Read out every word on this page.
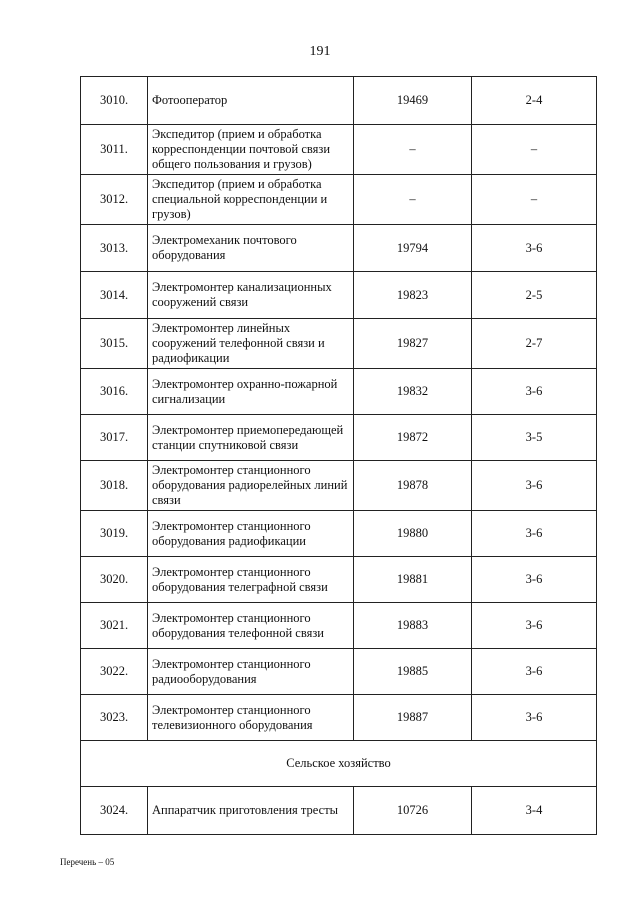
191
3010.	Фотооператор	19469	2-4
3011.	Экспедитор (прием и обработка корреспонденции почтовой связи общего пользования и грузов)	–	–
3012.	Экспедитор (прием и обработка специальной корреспонденции и грузов)	–	–
3013.	Электромеханик почтового оборудования	19794	3-6
3014.	Электромонтер канализационных сооружений связи	19823	2-5
3015.	Электромонтер линейных сооружений телефонной связи и радиофикации	19827	2-7
3016.	Электромонтер охранно-пожарной сигнализации	19832	3-6
3017.	Электромонтер приемопередающей станции спутниковой связи	19872	3-5
3018.	Электромонтер станционного оборудования радиорелейных линий связи	19878	3-6
3019.	Электромонтер станционного оборудования радиофикации	19880	3-6
3020.	Электромонтер станционного оборудования телеграфной связи	19881	3-6
3021.	Электромонтер станционного оборудования телефонной связи	19883	3-6
3022.	Электромонтер станционного радиооборудования	19885	3-6
3023.	Электромонтер станционного телевизионного оборудования	19887	3-6
Сельское хозяйство			
3024.	Аппаратчик приготовления тресты	10726	3-4
Перечень – 05
